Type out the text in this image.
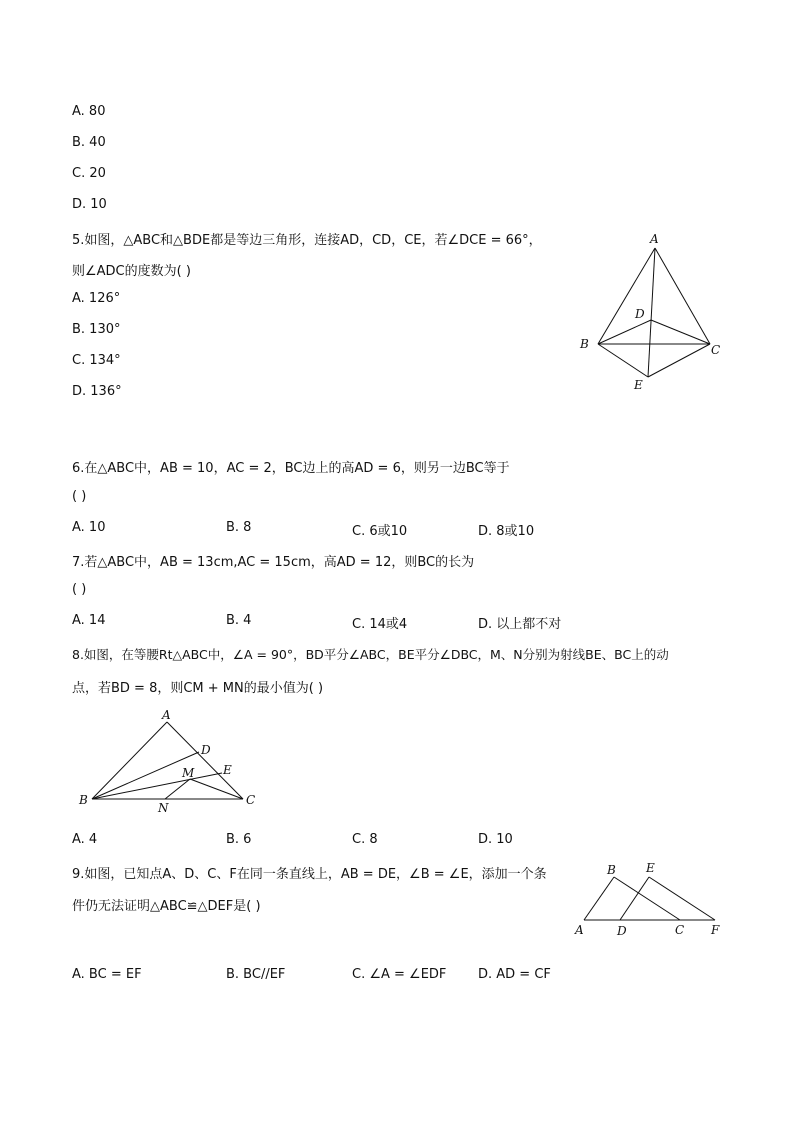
A. 80
B. 40
C. 20
D. 10
5.如图，△ABC和△BDE都是等边三角形，连接AD，CD，CE，若∠DCE = 66°，
则∠ADC的度数为( )
A. 126°
B. 130°
C. 134°
D. 136°
A
B	C
D
E
6.在△ABC中，AB = 10，AC = 2，BC边上的高AD = 6，则另一边BC等于
( )
A. 10	B. 8	C. 6或10	D. 8或10
7.若△ABC中，AB = 13cm,AC = 15cm，高AD = 12，则BC的长为
( )
A. 14	B. 4	C. 14或4	D. 以上都不对
8.如图，在等腰Rt△ABC中，∠A = 90°，BD平分∠ABC，BE平分∠DBC，M、N分别为射线BE、BC上的动
点，若BD = 8，则CM + MN的最小值为( )
A
B	C
D
E
M
N
A. 4	B. 6	C. 8	D. 10
9.如图，已知点A、D、C、F在同一条直线上，AB = DE，∠B = ∠E，添加一个条
件仍无法证明△ABC≌△DEF是( )
B	E
A	D	C F
A. BC = EF	B. BC//EF	C. ∠A = ∠EDF D. AD = CF
